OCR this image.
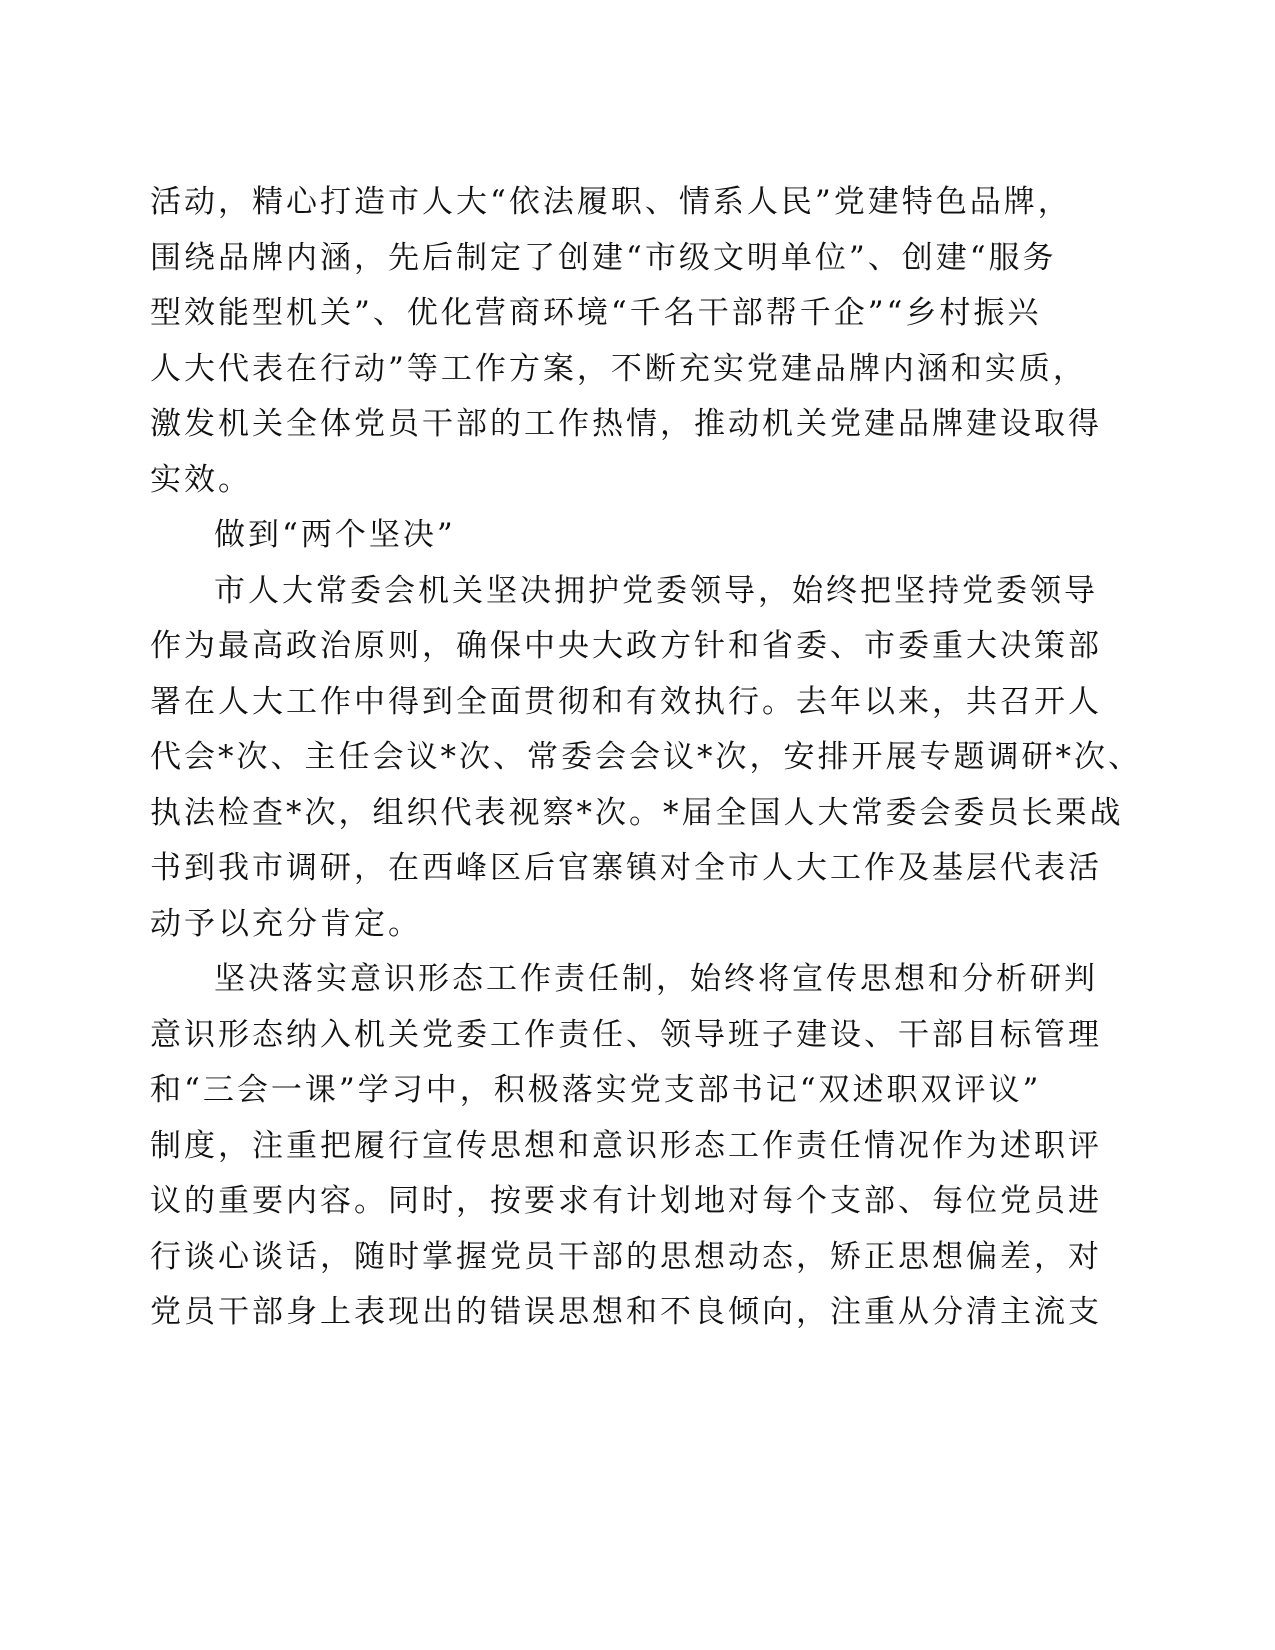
活动，精心打造市人大“依法履职、情系人民”党建特色品牌，
围绕品牌内涵，先后制定了创建“市级文明单位”、创建“服务
型效能型机关”、优化营商环境“千名干部帮千企”“乡村振兴
人大代表在行动”等工作方案，不断充实党建品牌内涵和实质，
激发机关全体党员干部的工作热情，推动机关党建品牌建设取得
实效。
做到“两个坚决”
市人大常委会机关坚决拥护党委领导，始终把坚持党委领导
作为最高政治原则，确保中央大政方针和省委、市委重大决策部
署在人大工作中得到全面贯彻和有效执行。去年以来，共召开人
代会*次、主任会议*次、常委会会议*次，安排开展专题调研*次、
执法检查*次，组织代表视察*次。*届全国人大常委会委员长栗战
书到我市调研，在西峰区后官寨镇对全市人大工作及基层代表活
动予以充分肯定。
坚决落实意识形态工作责任制，始终将宣传思想和分析研判
意识形态纳入机关党委工作责任、领导班子建设、干部目标管理
和“三会一课”学习中，积极落实党支部书记“双述职双评议”
制度，注重把履行宣传思想和意识形态工作责任情况作为述职评
议的重要内容。同时，按要求有计划地对每个支部、每位党员进
行谈心谈话，随时掌握党员干部的思想动态，矫正思想偏差，对
党员干部身上表现出的错误思想和不良倾向，注重从分清主流支
